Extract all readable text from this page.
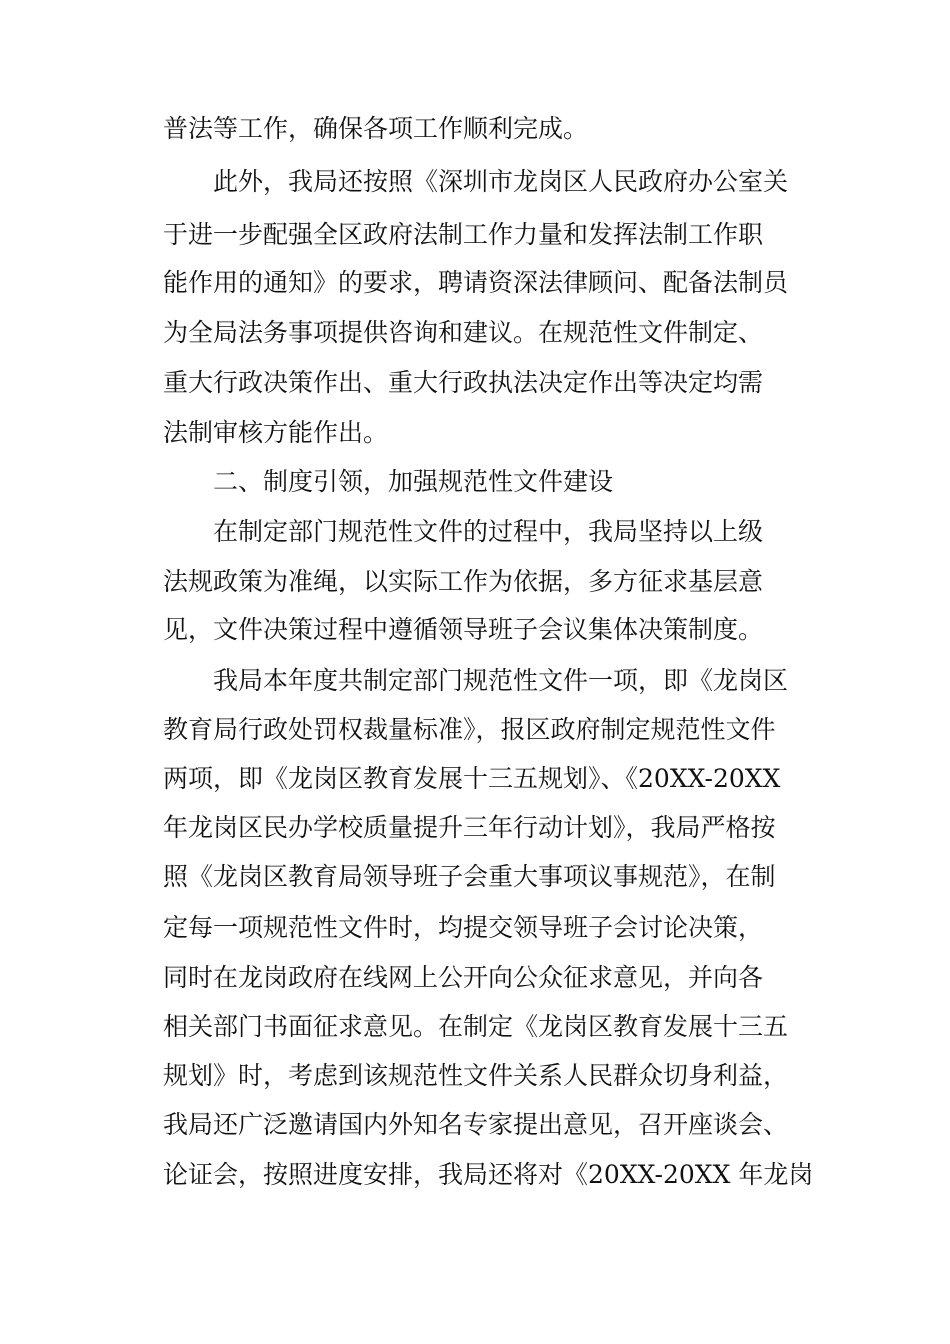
普法等工作，确保各项工作顺利完成。
　　此外，我局还按照《深圳市龙岗区人民政府办公室关
于进一步配强全区政府法制工作力量和发挥法制工作职
能作用的通知》的要求，聘请资深法律顾问、配备法制员
为全局法务事项提供咨询和建议。在规范性文件制定、
重大行政决策作出、重大行政执法决定作出等决定均需
法制审核方能作出。
　　二、制度引领，加强规范性文件建设
　　在制定部门规范性文件的过程中，我局坚持以上级
法规政策为准绳，以实际工作为依据，多方征求基层意
见，文件决策过程中遵循领导班子会议集体决策制度。
　　我局本年度共制定部门规范性文件一项，即《龙岗区
教育局行政处罚权裁量标准》，报区政府制定规范性文件
两项，即《龙岗区教育发展十三五规划》、《20XX-20XX
年龙岗区民办学校质量提升三年行动计划》，我局严格按
照《龙岗区教育局领导班子会重大事项议事规范》，在制
定每一项规范性文件时，均提交领导班子会讨论决策，
同时在龙岗政府在线网上公开向公众征求意见，并向各
相关部门书面征求意见。在制定《龙岗区教育发展十三五
规划》时，考虑到该规范性文件关系人民群众切身利益，
我局还广泛邀请国内外知名专家提出意见，召开座谈会、
论证会，按照进度安排，我局还将对《20XX-20XX 年龙岗
